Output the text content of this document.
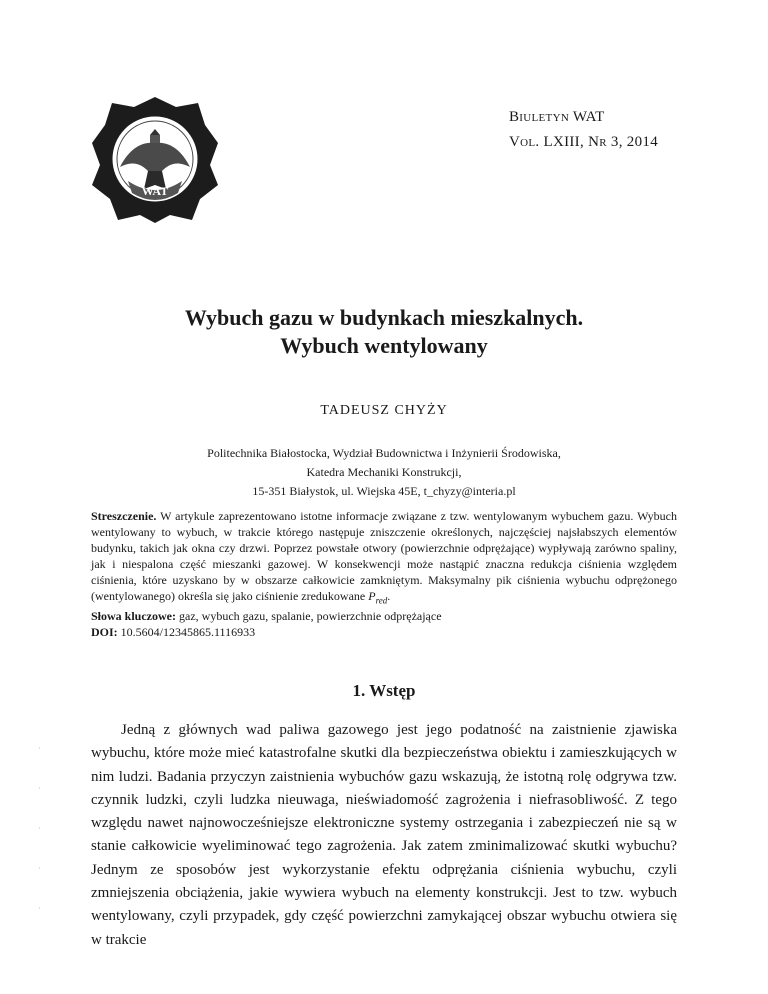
Biuletyn WAT
Vol. LXIII, Nr 3, 2014
WAT
Wybuch gazu w budynkach mieszkalnych.
Wybuch wentylowany
TADEUSZ CHYŻY
Politechnika Białostocka, Wydział Budownictwa i Inżynierii Środowiska,
Katedra Mechaniki Konstrukcji,
15-351 Białystok, ul. Wiejska 45E, t_chyzy@interia.pl

Streszczenie. W artykule zaprezentowano istotne informacje związane z tzw. wentylowanym wybuchem gazu. Wybuch wentylowany to wybuch, w trakcie którego następuje zniszczenie określonych, najczęściej najsłabszych elementów budynku, takich jak okna czy drzwi. Poprzez powstałe otwory (powierzchnie odprężające) wypływają zarówno spaliny, jak i niespalona część mieszanki gazowej. W konsekwencji może nastąpić znaczna redukcja ciśnienia względem ciśnienia, które uzyskano by w obszarze całkowicie zamkniętym. Maksymalny pik ciśnienia wybuchu odprężonego (wentylowanego) określa się jako ciśnienie zredukowane $P_{red}$.

Słowa kluczowe: gaz, wybuch gazu, spalanie, powierzchnie odprężające

DOI: 10.5604/12345865.1116933

1. Wstęp

Jedną z głównych wad paliwa gazowego jest jego podatność na zaistnienie zjawiska wybuchu, które może mieć katastrofalne skutki dla bezpieczeństwa obiektu i zamieszkujących w nim ludzi. Badania przyczyn zaistnienia wybuchów gazu wskazują, że istotną rolę odgrywa tzw. czynnik ludzki, czyli ludzka nieuwaga, nieświadomość zagrożenia i niefrasobliwość. Z tego względu nawet najnowocześniejsze elektroniczne systemy ostrzegania i zabezpieczeń nie są w stanie całkowicie wyeliminować tego zagrożenia. Jak zatem zminimalizować skutki wybuchu? Jednym ze sposobów jest wykorzystanie efektu odprężania ciśnienia wybuchu, czyli zmniejszenia obciążenia, jakie wywiera wybuch na elementy konstrukcji. Jest to tzw. wybuch wentylowany, czyli przypadek, gdy część powierzchni zamykającej obszar wybuchu otwiera się w trakcie

·
·
·
·
·
